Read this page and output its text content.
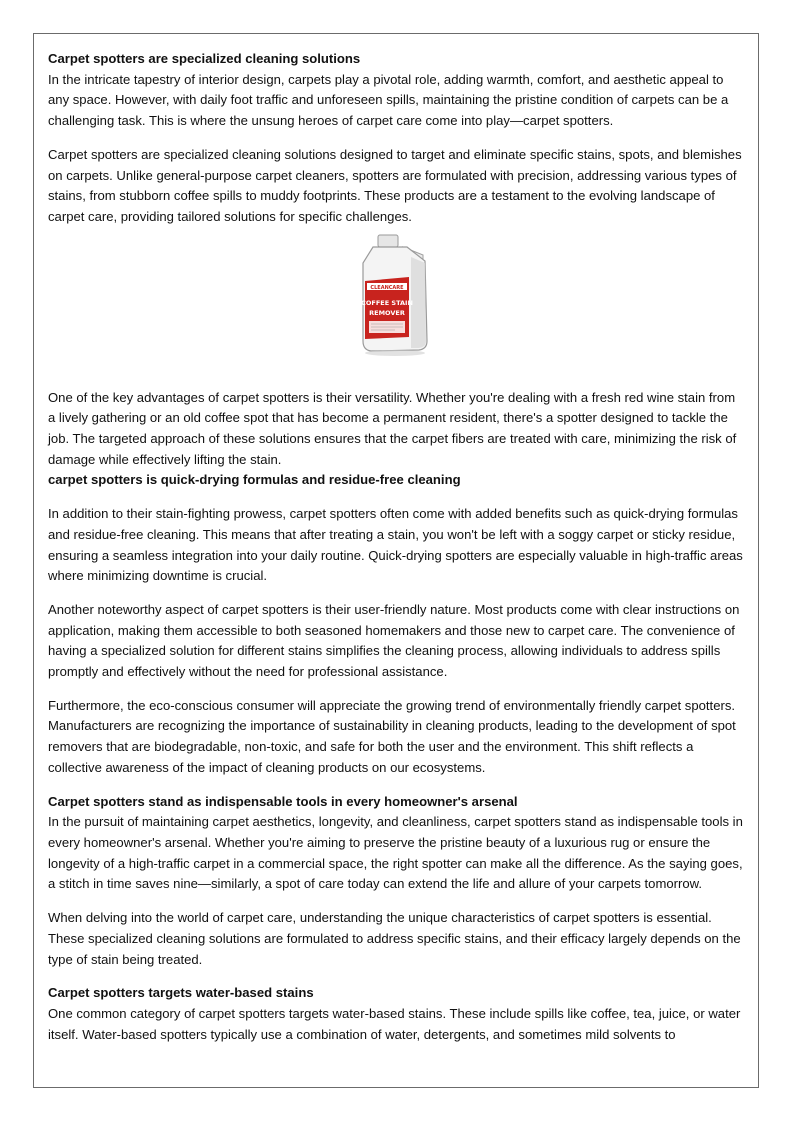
Carpet spotters are specialized cleaning solutions
In the intricate tapestry of interior design, carpets play a pivotal role, adding warmth, comfort, and aesthetic appeal to any space. However, with daily foot traffic and unforeseen spills, maintaining the pristine condition of carpets can be a challenging task. This is where the unsung heroes of carpet care come into play—carpet spotters.

Carpet spotters are specialized cleaning solutions designed to target and eliminate specific stains, spots, and blemishes on carpets. Unlike general-purpose carpet cleaners, spotters are formulated with precision, addressing various types of stains, from stubborn coffee spills to muddy footprints. These products are a testament to the evolving landscape of carpet care, providing tailored solutions for specific challenges.

CLEANCARE
COFFEE STAIN
REMOVER

One of the key advantages of carpet spotters is their versatility. Whether you're dealing with a fresh red wine stain from a lively gathering or an old coffee spot that has become a permanent resident, there's a spotter designed to tackle the job. The targeted approach of these solutions ensures that the carpet fibers are treated with care, minimizing the risk of damage while effectively lifting the stain.

carpet spotters is quick-drying formulas and residue-free cleaning

In addition to their stain-fighting prowess, carpet spotters often come with added benefits such as quick-drying formulas and residue-free cleaning. This means that after treating a stain, you won't be left with a soggy carpet or sticky residue, ensuring a seamless integration into your daily routine. Quick-drying spotters are especially valuable in high-traffic areas where minimizing downtime is crucial.

Another noteworthy aspect of carpet spotters is their user-friendly nature. Most products come with clear instructions on application, making them accessible to both seasoned homemakers and those new to carpet care. The convenience of having a specialized solution for different stains simplifies the cleaning process, allowing individuals to address spills promptly and effectively without the need for professional assistance.

Furthermore, the eco-conscious consumer will appreciate the growing trend of environmentally friendly carpet spotters. Manufacturers are recognizing the importance of sustainability in cleaning products, leading to the development of spot removers that are biodegradable, non-toxic, and safe for both the user and the environment. This shift reflects a collective awareness of the impact of cleaning products on our ecosystems.

Carpet spotters stand as indispensable tools in every homeowner's arsenal

In the pursuit of maintaining carpet aesthetics, longevity, and cleanliness, carpet spotters stand as indispensable tools in every homeowner's arsenal. Whether you're aiming to preserve the pristine beauty of a luxurious rug or ensure the longevity of a high-traffic carpet in a commercial space, the right spotter can make all the difference. As the saying goes, a stitch in time saves nine—similarly, a spot of care today can extend the life and allure of your carpets tomorrow.

When delving into the world of carpet care, understanding the unique characteristics of carpet spotters is essential. These specialized cleaning solutions are formulated to address specific stains, and their efficacy largely depends on the type of stain being treated.

Carpet spotters targets water-based stains

One common category of carpet spotters targets water-based stains. These include spills like coffee, tea, juice, or water itself. Water-based spotters typically use a combination of water, detergents, and sometimes mild solvents to
